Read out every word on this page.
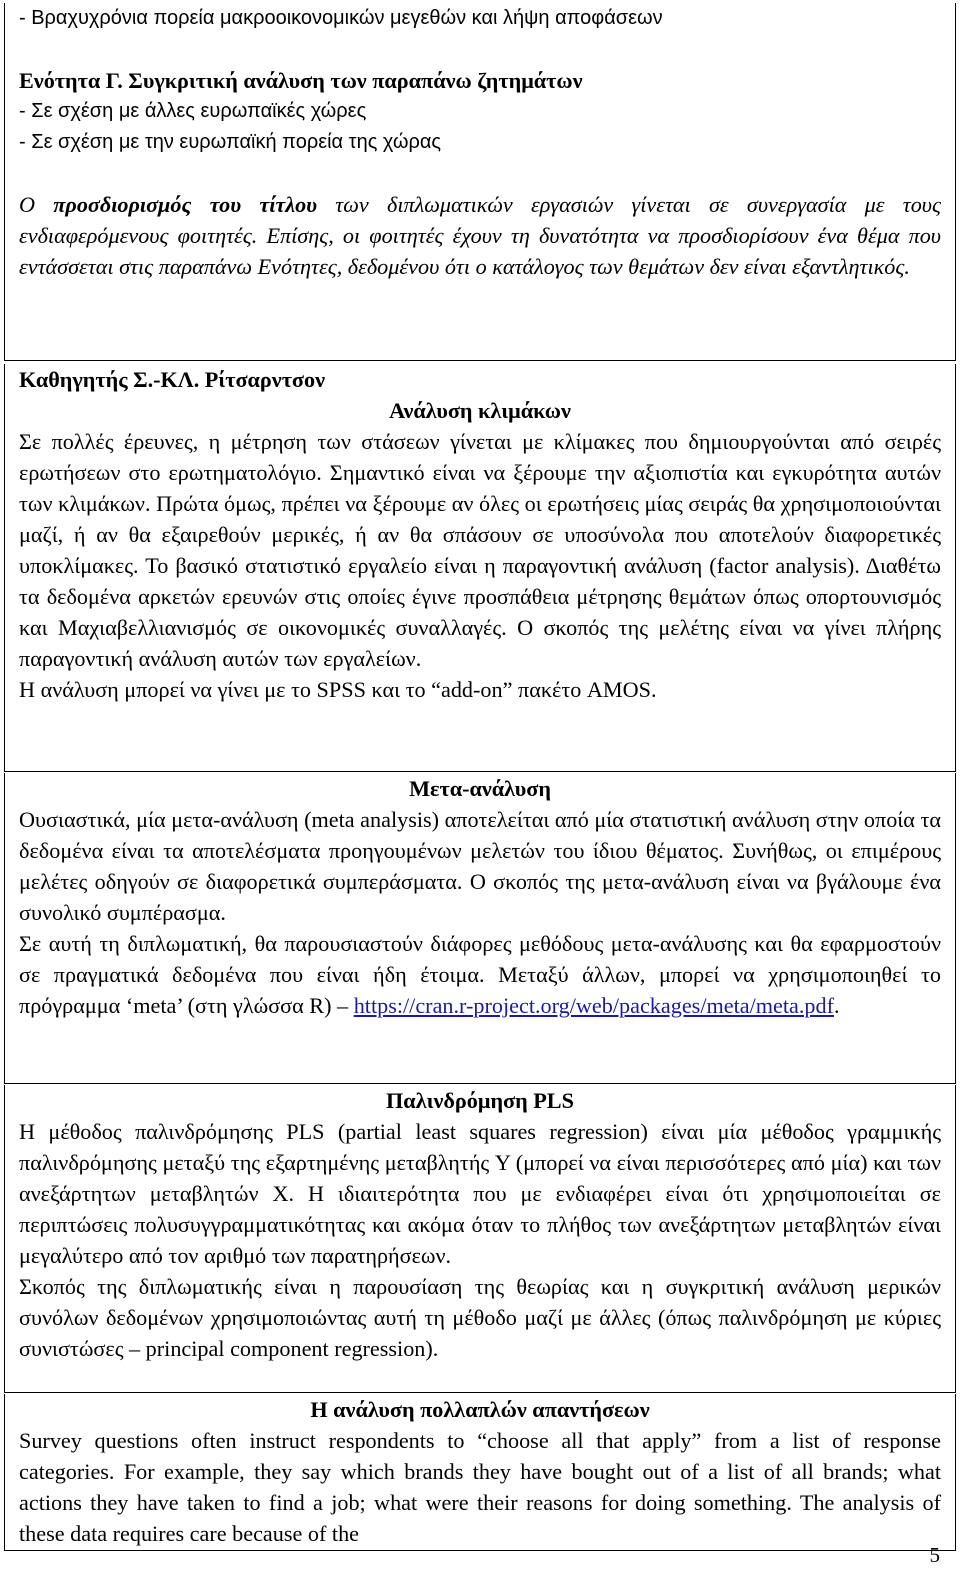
- Βραχυχρόνια πορεία μακροοικονομικών μεγεθών και λήψη αποφάσεων

Ενότητα Γ. Συγκριτική ανάλυση των παραπάνω ζητημάτων

- Σε σχέση με άλλες ευρωπαϊκές χώρες

- Σε σχέση με την ευρωπαϊκή πορεία της χώρας

Ο προσδιορισμός του τίτλου των διπλωματικών εργασιών γίνεται σε συνεργασία με τους ενδιαφερόμενους φοιτητές. Επίσης, οι φοιτητές έχουν τη δυνατότητα να προσδιορίσουν ένα θέμα που εντάσσεται στις παραπάνω Ενότητες, δεδομένου ότι ο κατάλογος των θεμάτων δεν είναι εξαντλητικός.

Καθηγητής Σ.-ΚΛ. Ρίτσαρντσον

Ανάλυση κλιμάκων

Σε πολλές έρευνες, η μέτρηση των στάσεων γίνεται με κλίμακες που δημιουργούνται από σειρές ερωτήσεων στο ερωτηματολόγιο. Σημαντικό είναι να ξέρουμε την αξιοπιστία και εγκυρότητα αυτών των κλιμάκων. Πρώτα όμως, πρέπει να ξέρουμε αν όλες οι ερωτήσεις μίας σειράς θα χρησιμοποιούνται μαζί, ή αν θα εξαιρεθούν μερικές, ή αν θα σπάσουν σε υποσύνολα που αποτελούν διαφορετικές υποκλίμακες. Το βασικό στατιστικό εργαλείο είναι η παραγοντική ανάλυση (factor analysis). Διαθέτω τα δεδομένα αρκετών ερευνών στις οποίες έγινε προσπάθεια μέτρησης θεμάτων όπως οπορτουνισμός και Μαχιαβελλιανισμός σε οικονομικές συναλλαγές. Ο σκοπός της μελέτης είναι να γίνει πλήρης παραγοντική ανάλυση αυτών των εργαλείων.

Η ανάλυση μπορεί να γίνει με το SPSS και το “add-on” πακέτο AMOS.

Μετα-ανάλυση

Ουσιαστικά, μία μετα-ανάλυση (meta analysis) αποτελείται από μία στατιστική ανάλυση στην οποία τα δεδομένα είναι τα αποτελέσματα προηγουμένων μελετών του ίδιου θέματος. Συνήθως, οι επιμέρους μελέτες οδηγούν σε διαφορετικά συμπεράσματα. Ο σκοπός της μετα-ανάλυση είναι να βγάλουμε ένα συνολικό συμπέρασμα.

Σε αυτή τη διπλωματική, θα παρουσιαστούν διάφορες μεθόδους μετα-ανάλυσης και θα εφαρμοστούν σε πραγματικά δεδομένα που είναι ήδη έτοιμα. Μεταξύ άλλων, μπορεί να χρησιμοποιηθεί το πρόγραμμα ‘meta’ (στη γλώσσα R) – https://cran.r-project.org/web/packages/meta/meta.pdf.

Παλινδρόμηση PLS

Η μέθοδος παλινδρόμησης PLS (partial least squares regression) είναι μία μέθοδος γραμμικής παλινδρόμησης μεταξύ της εξαρτημένης μεταβλητής Y (μπορεί να είναι περισσότερες από μία) και των ανεξάρτητων μεταβλητών X. Η ιδιαιτερότητα που με ενδιαφέρει είναι ότι χρησιμοποιείται σε περιπτώσεις πολυσυγγραμματικότητας και ακόμα όταν το πλήθος των ανεξάρτητων μεταβλητών είναι μεγαλύτερο από τον αριθμό των παρατηρήσεων.

Σκοπός της διπλωματικής είναι η παρουσίαση της θεωρίας και η συγκριτική ανάλυση μερικών συνόλων δεδομένων χρησιμοποιώντας αυτή τη μέθοδο μαζί με άλλες (όπως παλινδρόμηση με κύριες συνιστώσες – principal component regression).

Η ανάλυση πολλαπλών απαντήσεων

Survey questions often instruct respondents to “choose all that apply” from a list of response categories. For example, they say which brands they have bought out of a list of all brands; what actions they have taken to find a job; what were their reasons for doing something. The analysis of these data requires care because of the

5
